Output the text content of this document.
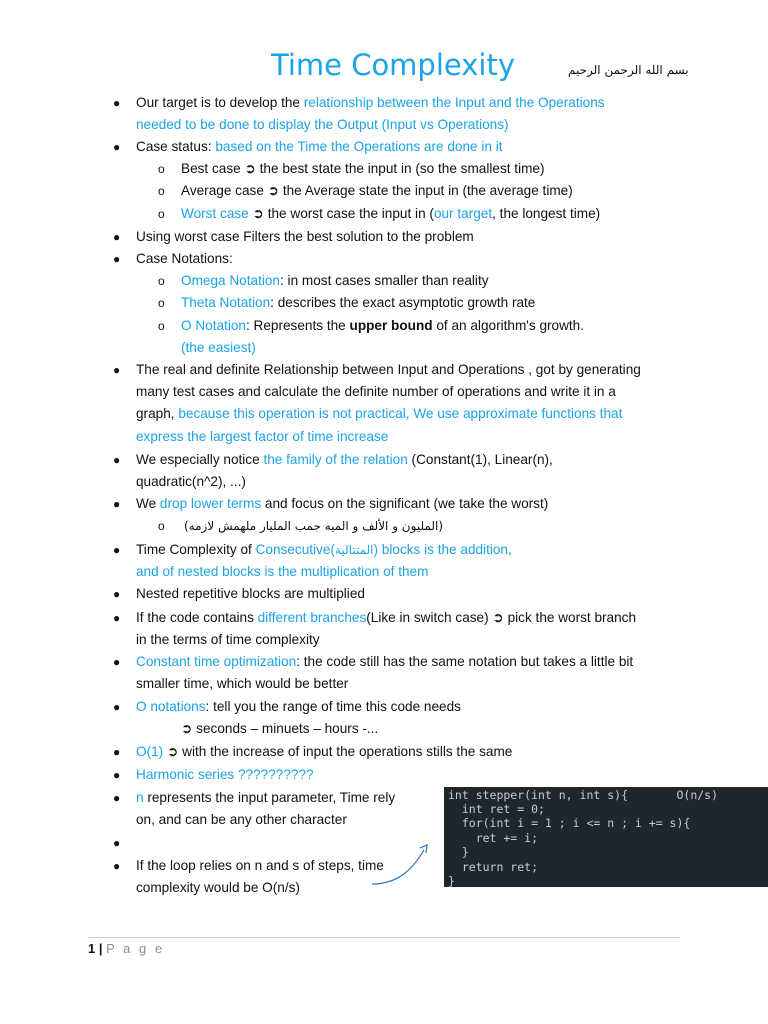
Time Complexity	بسم الله الرحمن الرحيم
● Our target is to develop the relationship between the Input and the Operations
needed to be done to display the Output (Input vs Operations)
● Case status: based on the Time the Operations are done in it
o Best case ➲ the best state the input in (so the smallest time)
o Average case ➲ the Average state the input in (the average time)
o Worst case ➲ the worst case the input in (our target, the longest time)
● Using worst case Filters the best solution to the problem
● Case Notations:
o Omega Notation: in most cases smaller than reality
o Theta Notation: describes the exact asymptotic growth rate
o O Notation: Represents the upper bound of an algorithm's growth.
(the easiest)
● The real and definite Relationship between Input and Operations , got by generating
many test cases and calculate the definite number of operations and write it in a
graph, because this operation is not practical, We use approximate functions that
express the largest factor of time increase
● We especially notice the family of the relation (Constant(1), Linear(n),
quadratic(n^2), ...)
● We drop lower terms and focus on the significant (we take the worst)
o (المليون و الألف و الميه جمب المليار ملهمش لازمه)
● Time Complexity of Consecutive(المتتالية) blocks is the addition,
and of nested blocks is the multiplication of them
● Nested repetitive blocks are multiplied
● If the code contains different branches(Like in switch case) ➲ pick the worst branch
in the terms of time complexity
● Constant time optimization: the code still has the same notation but takes a little bit
smaller time, which would be better
● O notations: tell you the range of time this code needs
➲ seconds – minuets – hours -...
● O(1) ➲ with the increase of input the operations stills the same
● Harmonic series ??????????
● n represents the input parameter, Time rely
on, and can be any other character
●
● If the loop relies on n and s of steps, time
complexity would be O(n/s)
int stepper(int n, int s){       O(n/s)
int ret = 0;
for(int i = 1 ; i <= n ; i += s){
ret += i;
}
return ret;
}
1 | P a g e
